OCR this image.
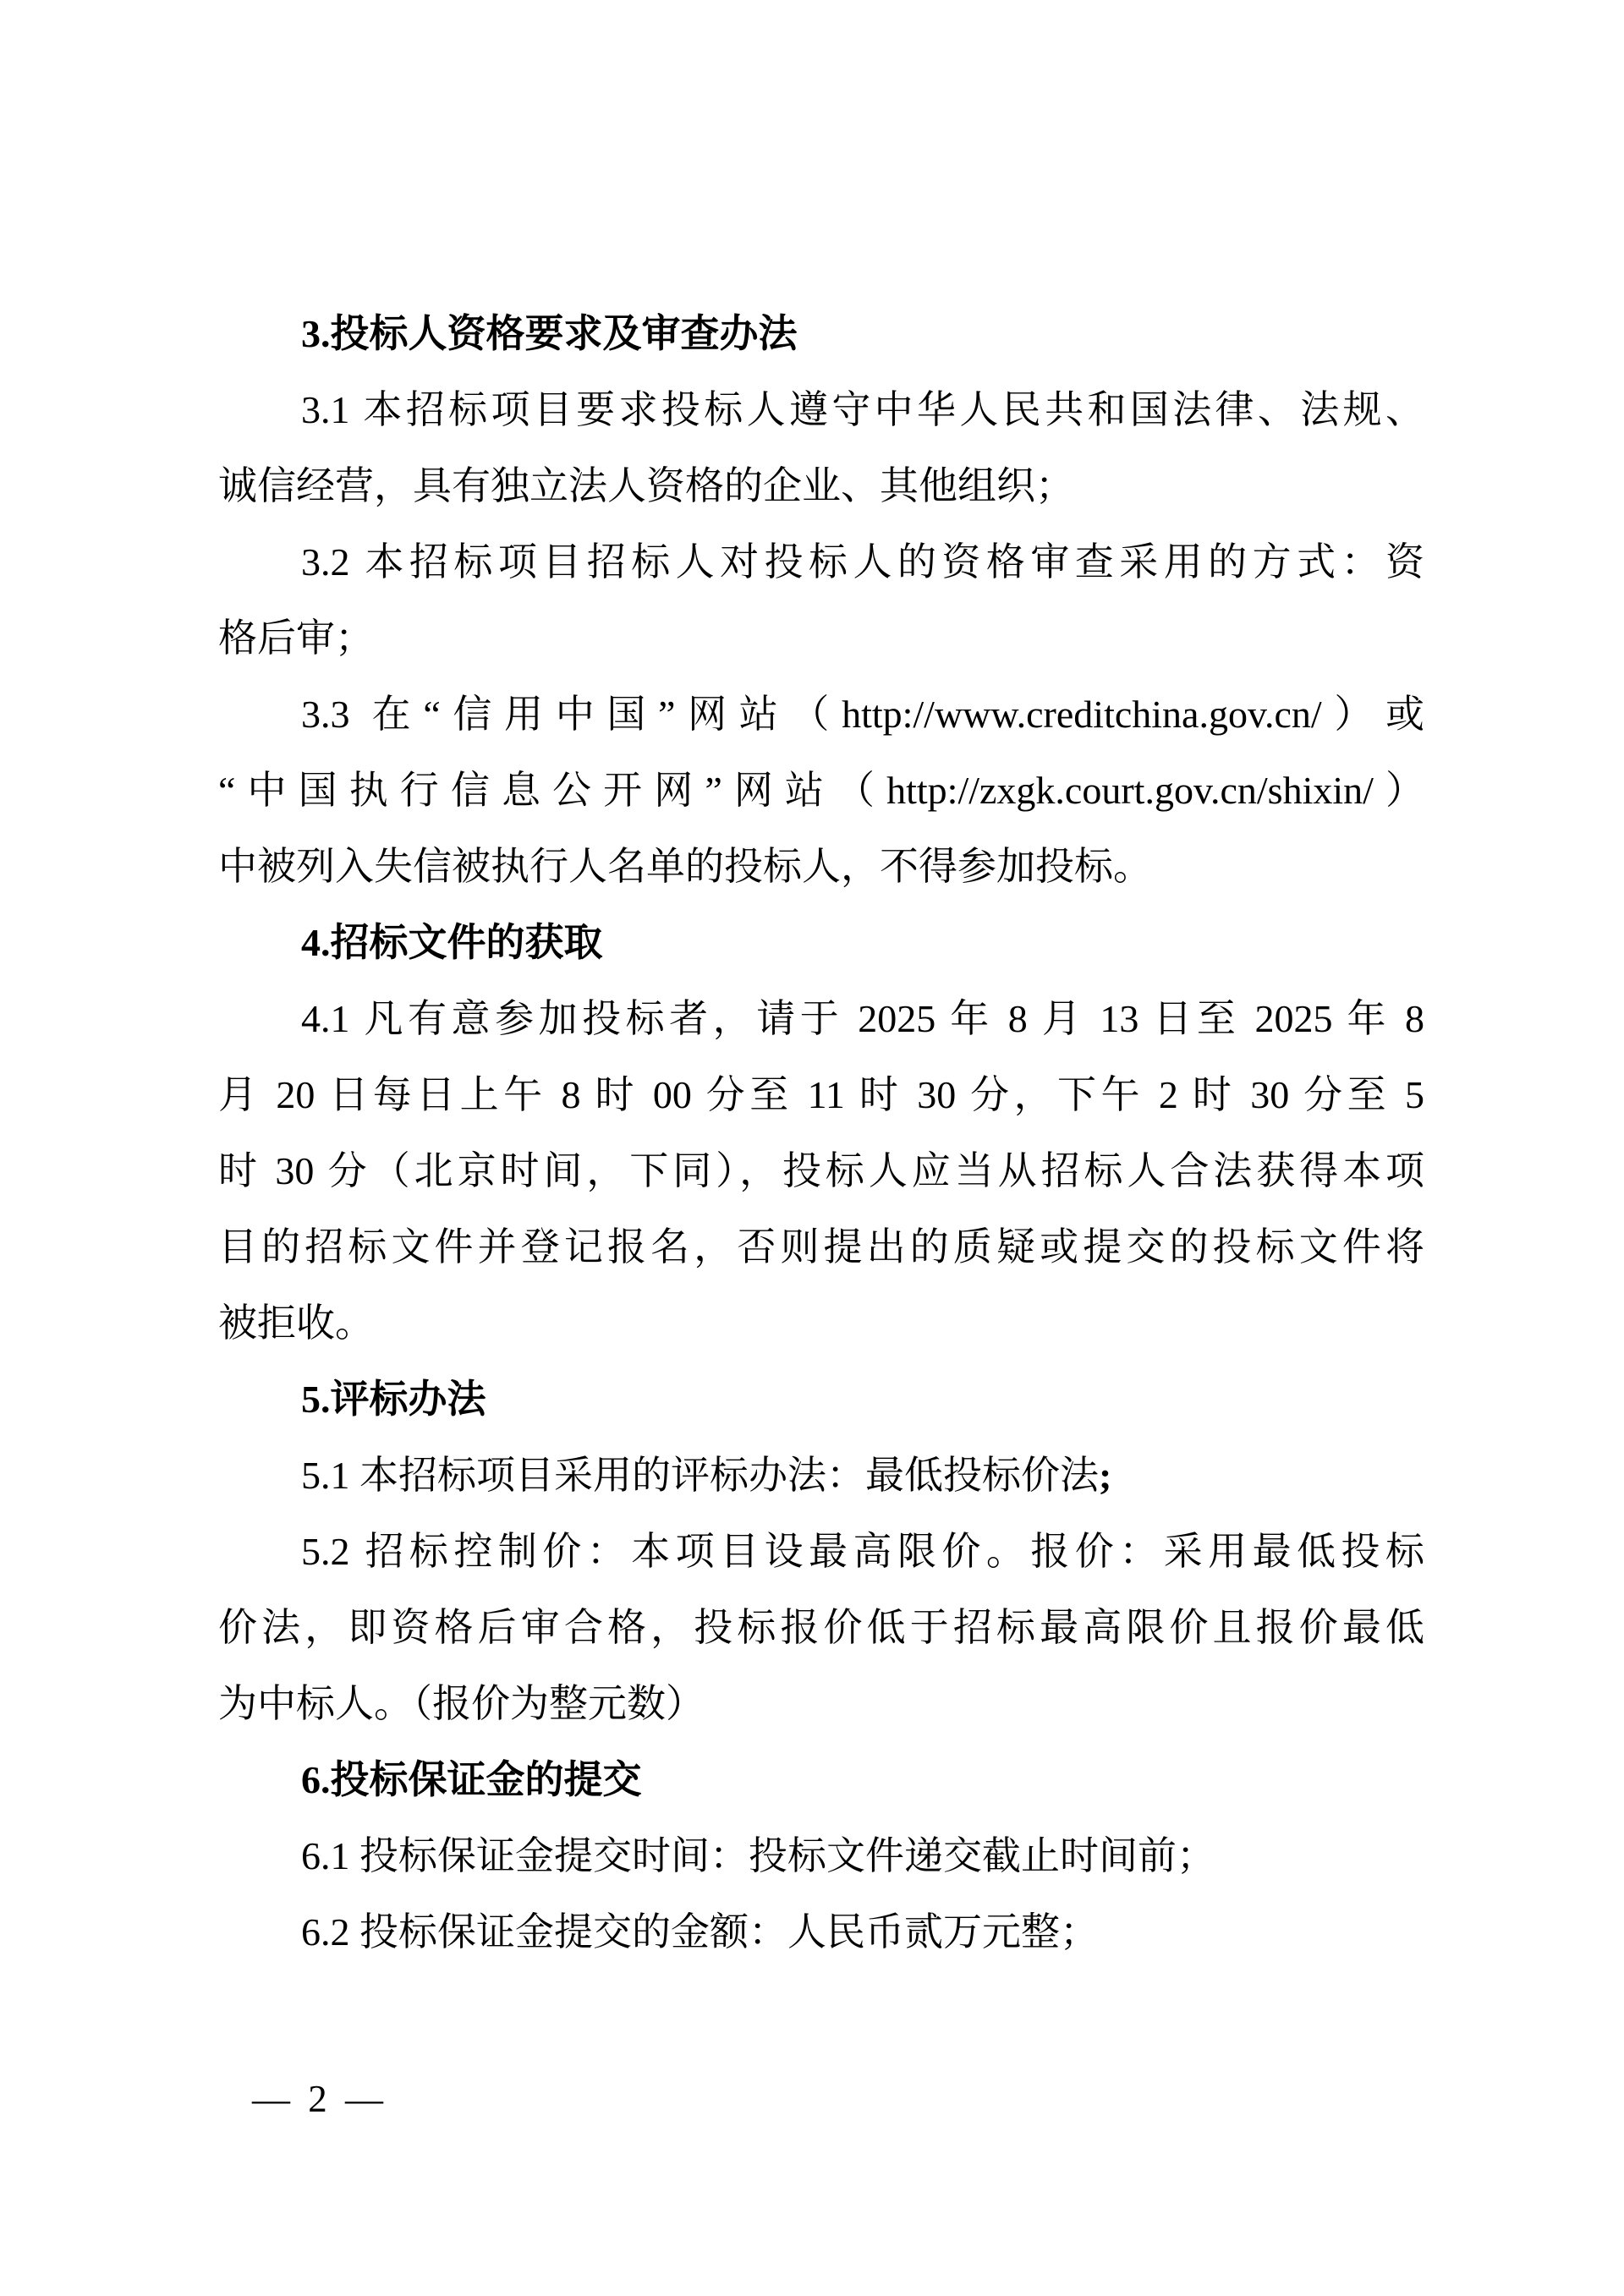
3.投标人资格要求及审查办法
3.1 本招标项目要求投标人遵守中华人民共和国法律、法规、
诚信经营，具有独立法人资格的企业、其他组织；
3.2 本招标项目招标人对投标人的资格审查采用的方式：资
格后审；
3.3 在“信用中国”网站（http://www.creditchina.gov.cn/）或
“中国执行信息公开网”网站（http://zxgk.court.gov.cn/shixin/）
中被列入失信被执行人名单的投标人，不得参加投标。
4.招标文件的获取
4.1 凡有意参加投标者，请于 2025 年 8 月 13 日至 2025 年 8
月 20 日每日上午 8 时 00 分至 11 时 30 分，下午 2 时 30 分至 5
时 30 分（北京时间，下同），投标人应当从招标人合法获得本项
目的招标文件并登记报名，否则提出的质疑或提交的投标文件将
被拒收。
5.评标办法
5.1 本招标项目采用的评标办法：最低投标价法;
5.2 招标控制价：本项目设最高限价。报价：采用最低投标
价法，即资格后审合格，投标报价低于招标最高限价且报价最低
为中标人。（报价为整元数）
6.投标保证金的提交
6.1 投标保证金提交时间：投标文件递交截止时间前；
6.2 投标保证金提交的金额：人民币贰万元整；
— 2 —
